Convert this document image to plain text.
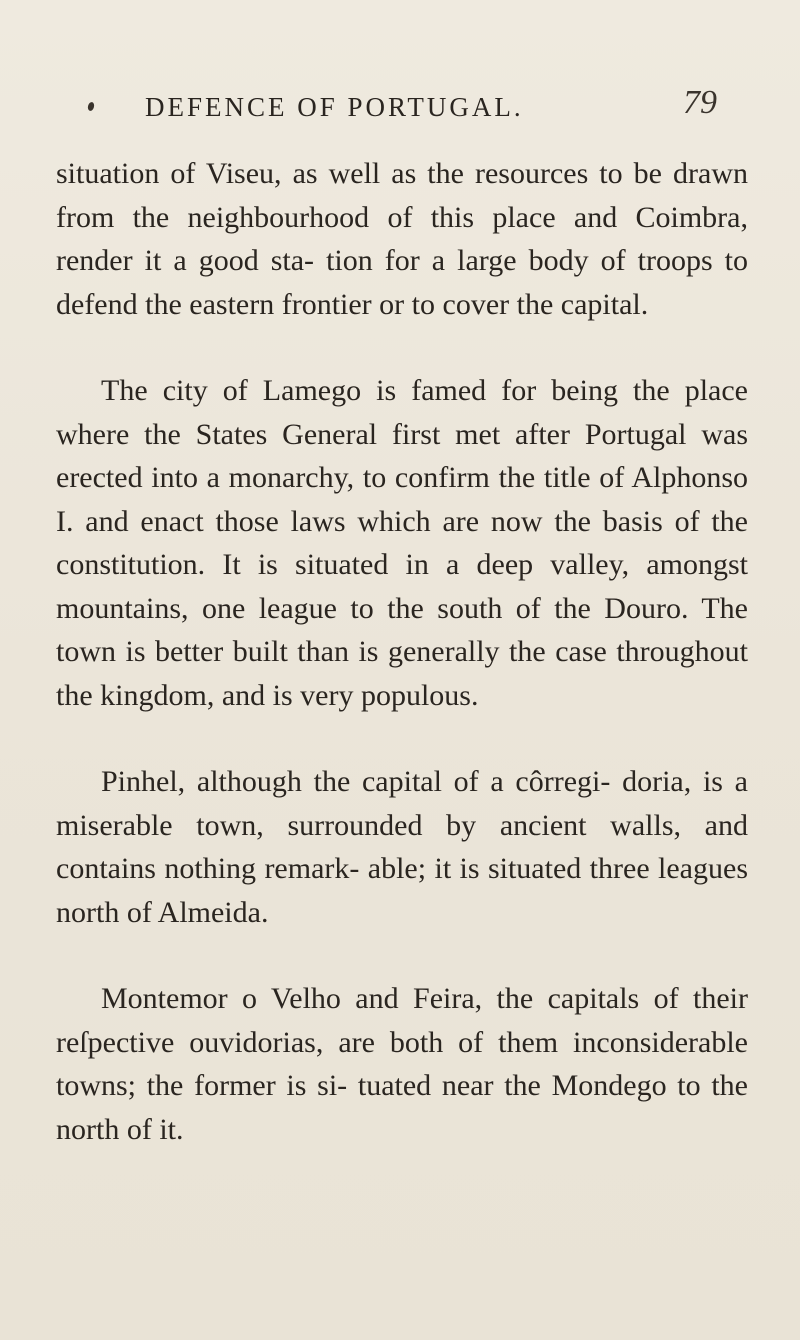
DEFENCE OF PORTUGAL.	79

situation of Viseu, as well as the resources to be drawn from the neighbourhood of this place and Coimbra, render it a good sta- tion for a large body of troops to defend the eastern frontier or to cover the capital.

The city of Lamego is famed for being the place where the States General first met after Portugal was erected into a monarchy, to confirm the title of Alphonso I. and enact those laws which are now the basis of the constitution. It is situated in a deep valley, amongst mountains, one league to the south of the Douro. The town is better built than is generally the case throughout the kingdom, and is very populous.

Pinhel, although the capital of a côrregi- doria, is a miserable town, surrounded by ancient walls, and contains nothing remark- able; it is situated three leagues north of Almeida.

Montemor o Velho and Feira, the capitals of their reſpective ouvidorias, are both of them inconsiderable towns; the former is si- tuated near the Mondego to the north of it.
